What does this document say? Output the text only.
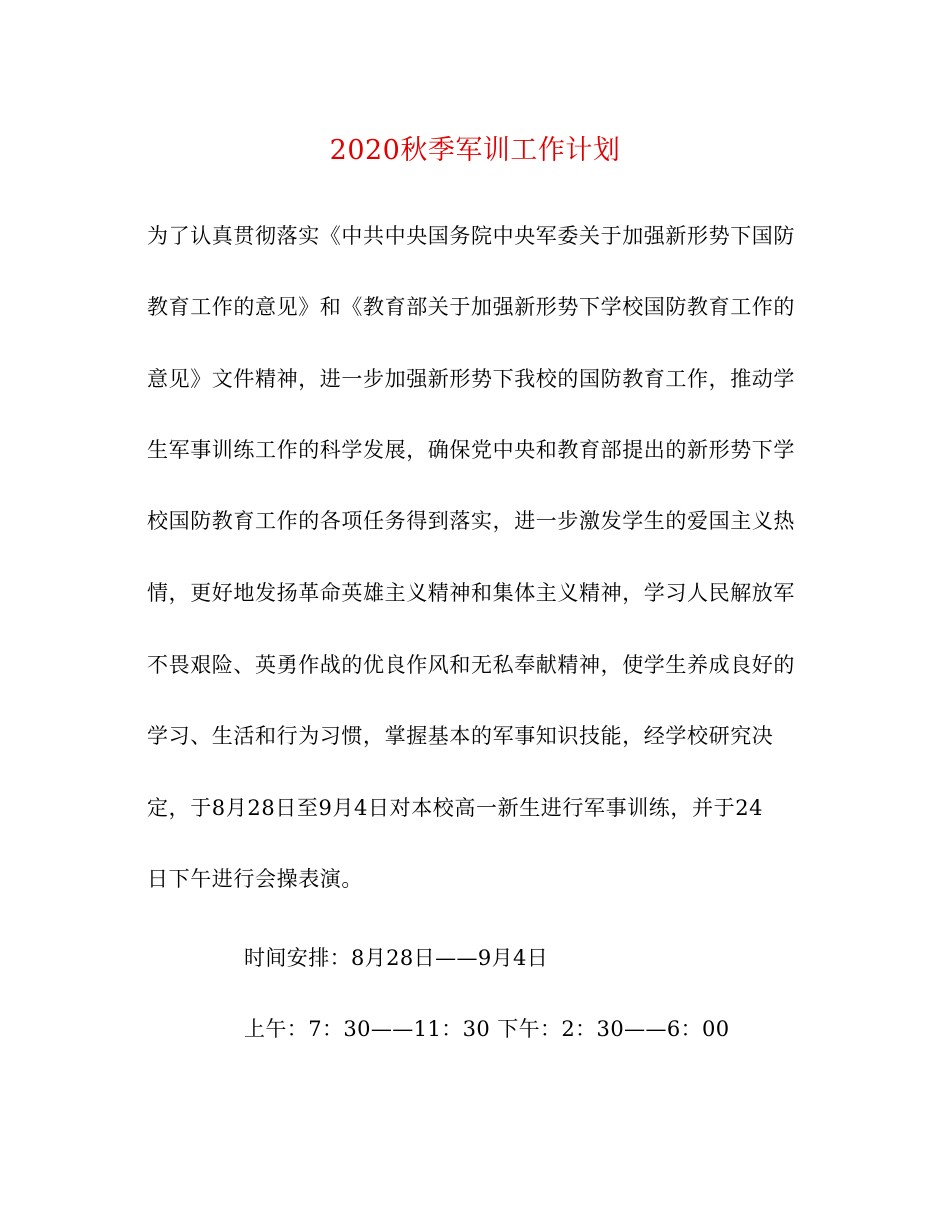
2020秋季军训工作计划
为了认真贯彻落实《中共中央国务院中央军委关于加强新形势下国防
教育工作的意见》和《教育部关于加强新形势下学校国防教育工作的
意见》文件精神，进一步加强新形势下我校的国防教育工作，推动学
生军事训练工作的科学发展，确保党中央和教育部提出的新形势下学
校国防教育工作的各项任务得到落实，进一步激发学生的爱国主义热
情，更好地发扬革命英雄主义精神和集体主义精神，学习人民解放军
不畏艰险、英勇作战的优良作风和无私奉献精神，使学生养成良好的
学习、生活和行为习惯，掌握基本的军事知识技能，经学校研究决
定，于8月28日至9月4日对本校高一新生进行军事训练，并于24
日下午进行会操表演。
时间安排：8月28日——9月4日
上午：7：30——11：30 下午：2：30——6：00
